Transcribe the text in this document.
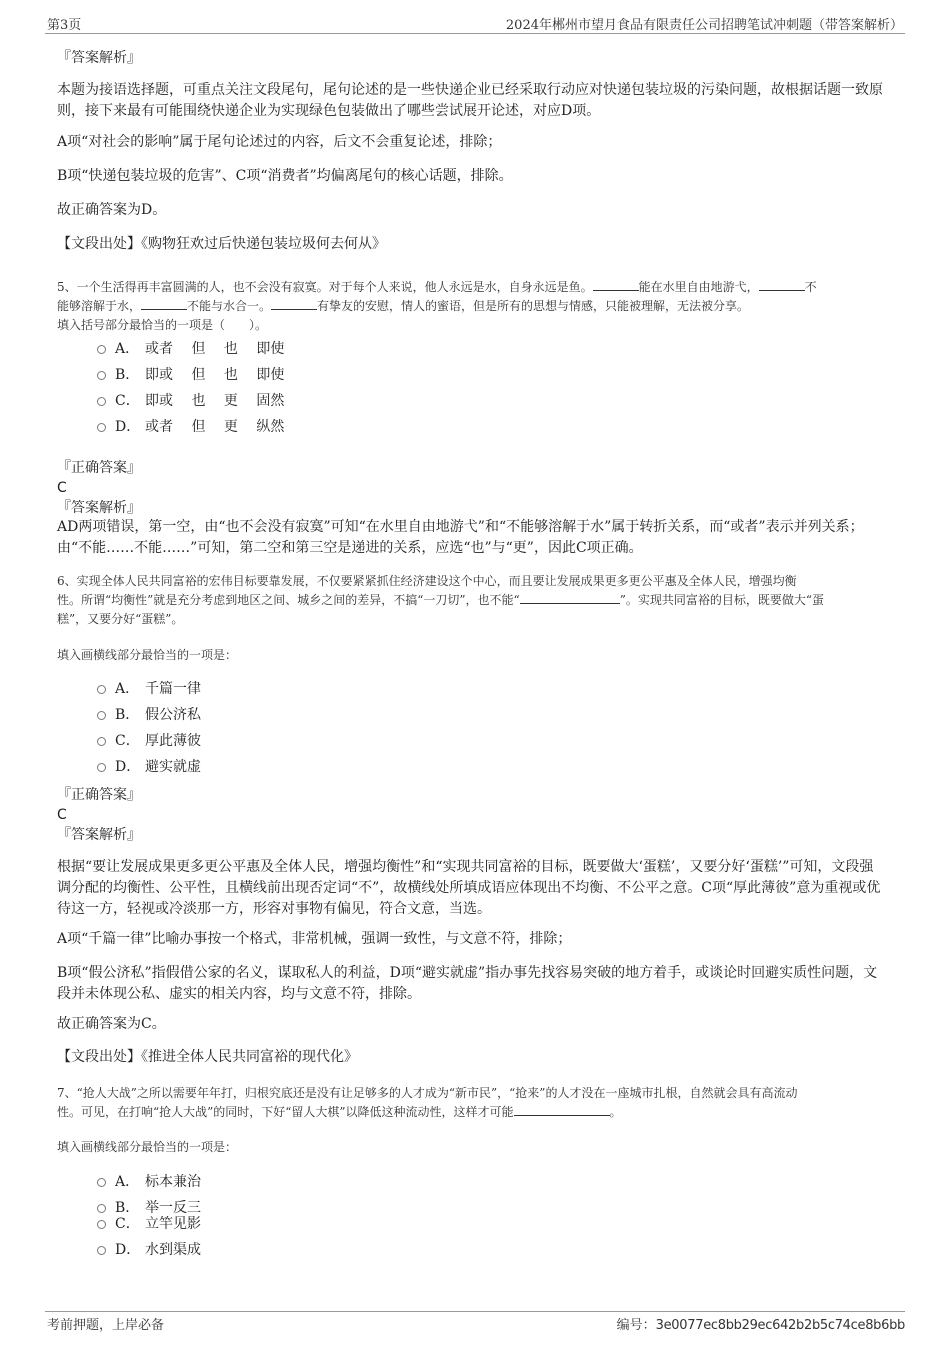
第3页	2024年郴州市望月食品有限责任公司招聘笔试冲刺题（带答案解析）
『答案解析』
本题为接语选择题，可重点关注文段尾句，尾句论述的是一些快递企业已经采取行动应对快递包装垃圾的污染问题，故根据话题一致原则，接下来最有可能围绕快递企业为实现绿色包装做出了哪些尝试展开论述，对应D项。
A项“对社会的影响”属于尾句论述过的内容，后文不会重复论述，排除；
B项“快递包装垃圾的危害”、C项“消费者”均偏离尾句的核心话题，排除。
故正确答案为D。
【文段出处】《购物狂欢过后快递包装垃圾何去何从》
5、一个生活得再丰富圆满的人，也不会没有寂寞。对于每个人来说，他人永远是水，自身永远是鱼。	能在水里自由地游弋，	不
能够溶解于水，	不能与水合一。	有挚友的安慰，情人的蜜语，但是所有的思想与情感，只能被理解，无法被分享。
填入括号部分最恰当的一项是（　　）。
A． 或者　 但　 也　 即使
B． 即或　 但　 也　 即使
C． 即或　 也　 更　 固然
D． 或者　 但　 更　 纵然
『正确答案』
C
『答案解析』
AD两项错误，第一空，由“也不会没有寂寞”可知“在水里自由地游弋”和“不能够溶解于水”属于转折关系，而“或者”表示并列关系；由“不能……不能……”可知，第二空和第三空是递进的关系，应选“也”与“更”，因此C项正确。
6、实现全体人民共同富裕的宏伟目标要靠发展，不仅要紧紧抓住经济建设这个中心，而且要让发展成果更多更公平惠及全体人民，增强均衡
性。所谓“均衡性”就是充分考虑到地区之间、城乡之间的差异，不搞“一刀切”，也不能“	”。实现共同富裕的目标，既要做大“蛋
糕”，又要分好“蛋糕”。
填入画横线部分最恰当的一项是：
A． 千篇一律
B． 假公济私
C． 厚此薄彼
D． 避实就虚
『正确答案』
C
『答案解析』
根据“要让发展成果更多更公平惠及全体人民，增强均衡性”和“实现共同富裕的目标，既要做大‘蛋糕’，又要分好‘蛋糕’”可知，文段强调分配的均衡性、公平性，且横线前出现否定词“不”，故横线处所填成语应体现出不均衡、不公平之意。C项“厚此薄彼”意为重视或优待这一方，轻视或冷淡那一方，形容对事物有偏见，符合文意，当选。
A项“千篇一律”比喻办事按一个格式，非常机械，强调一致性，与文意不符，排除；
B项“假公济私”指假借公家的名义，谋取私人的利益，D项“避实就虚”指办事先找容易突破的地方着手，或谈论时回避实质性问题，文段并未体现公私、虚实的相关内容，均与文意不符，排除。
故正确答案为C。
【文段出处】《推进全体人民共同富裕的现代化》
7、“抢人大战”之所以需要年年打，归根究底还是没有让足够多的人才成为“新市民”，“抢来”的人才没在一座城市扎根，自然就会具有高流动
性。可见，在打响“抢人大战”的同时，下好“留人大棋”以降低这种流动性，这样才可能	。
填入画横线部分最恰当的一项是：
A． 标本兼治
B． 举一反三
C． 立竿见影
D． 水到渠成
考前押题，上岸必备	编号：3e0077ec8bb29ec642b2b5c74ce8b6bb
